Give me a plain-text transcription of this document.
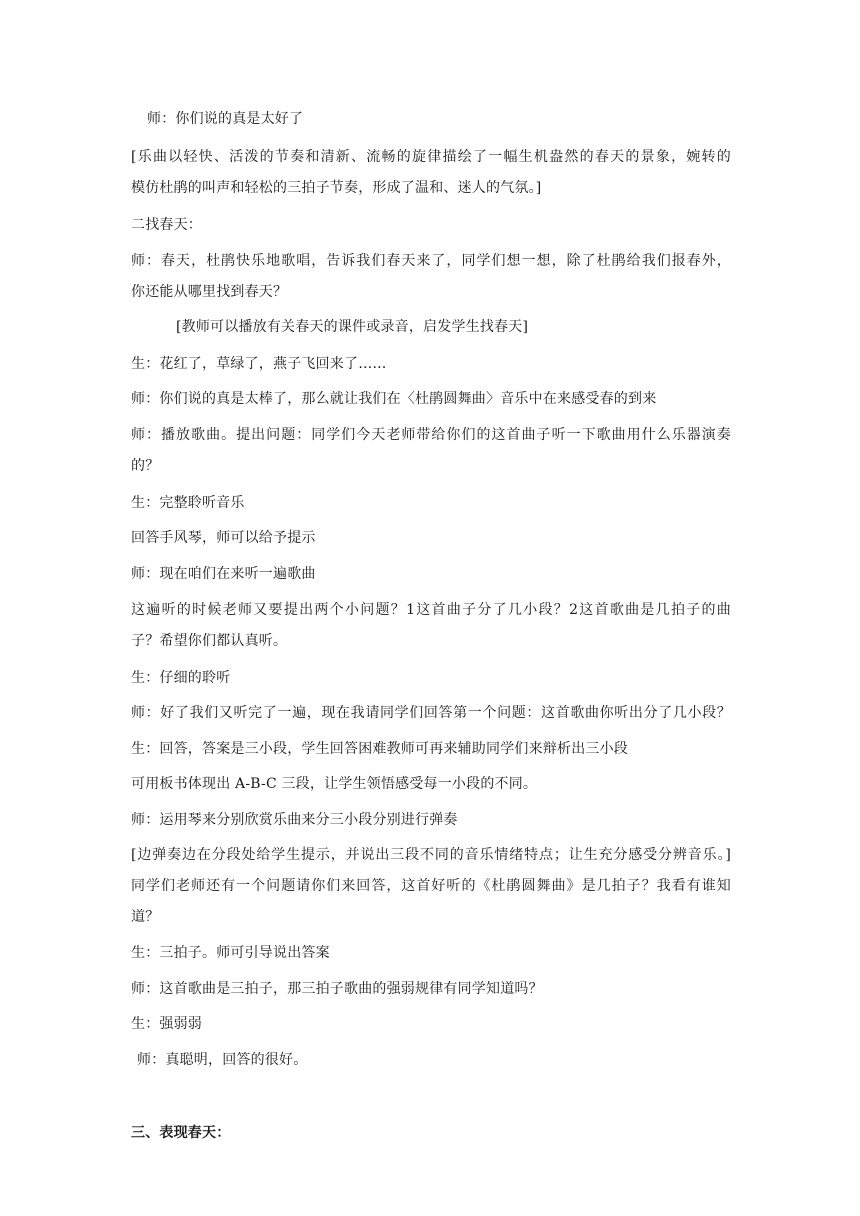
师：你们说的真是太好了
[乐曲以轻快、活泼的节奏和清新、流畅的旋律描绘了一幅生机盎然的春天的景象，婉转的
模仿杜鹃的叫声和轻松的三拍子节奏，形成了温和、迷人的气氛。]
二找春天：
师：春天，杜鹃快乐地歌唱，告诉我们春天来了，同学们想一想，除了杜鹃给我们报春外，
你还能从哪里找到春天？
[教师可以播放有关春天的课件或录音，启发学生找春天]
生：花红了，草绿了，燕子飞回来了……
师：你们说的真是太棒了，那么就让我们在〈杜鹃圆舞曲〉音乐中在来感受春的到来
师：播放歌曲。提出问题：同学们今天老师带给你们的这首曲子听一下歌曲用什么乐器演奏
的？
生：完整聆听音乐
回答手风琴，师可以给予提示
师：现在咱们在来听一遍歌曲
这遍听的时候老师又要提出两个小问题？1这首曲子分了几小段？2这首歌曲是几拍子的曲
子？希望你们都认真听。
生：仔细的聆听
师：好了我们又听完了一遍，现在我请同学们回答第一个问题：这首歌曲你听出分了几小段？
生：回答，答案是三小段，学生回答困难教师可再来辅助同学们来辩析出三小段
可用板书体现出 A-B-C 三段，让学生领悟感受每一小段的不同。
师：运用琴来分别欣赏乐曲来分三小段分别进行弹奏
[边弹奏边在分段处给学生提示，并说出三段不同的音乐情绪特点；让生充分感受分辨音乐。]
同学们老师还有一个问题请你们来回答，这首好听的《杜鹃圆舞曲》是几拍子？我看有谁知
道？
生：三拍子。师可引导说出答案
师：这首歌曲是三拍子，那三拍子歌曲的强弱规律有同学知道吗？
生：强弱弱
师：真聪明，回答的很好。
三、表现春天：
